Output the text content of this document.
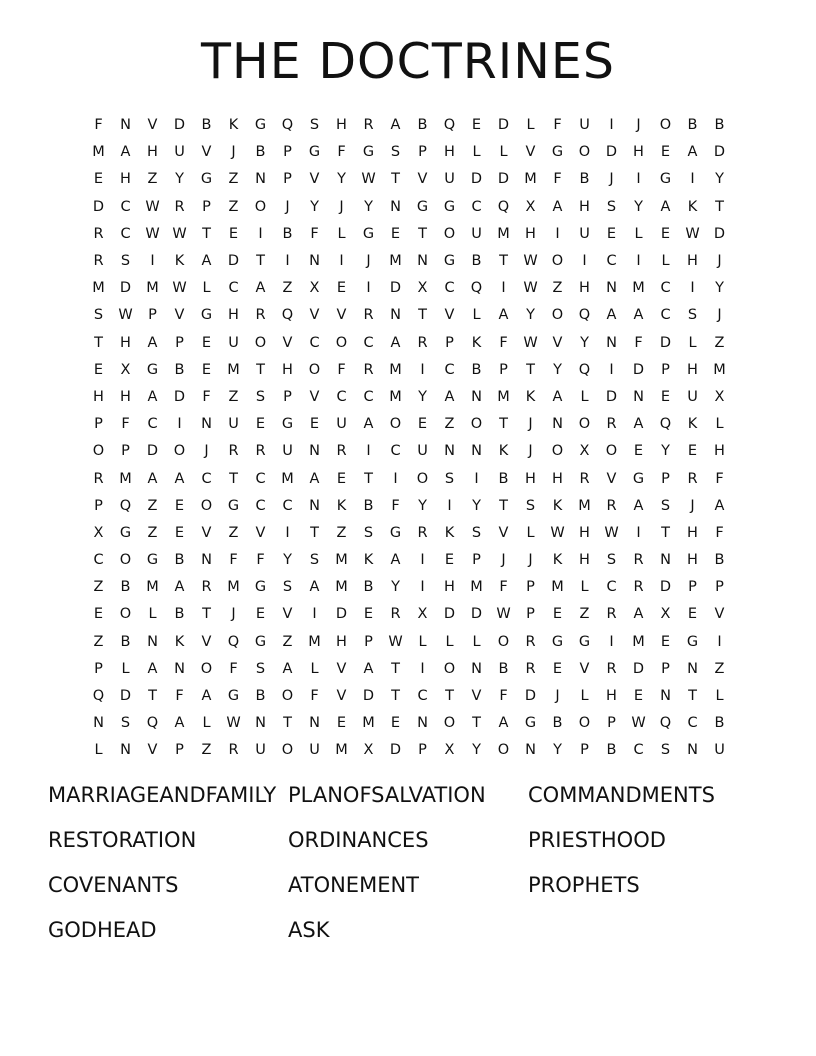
THE DOCTRINES
F	N	V	D	B	K	G	Q	S	H	R	A	B	Q	E	D	L	F	U	I	J	O	B	B
M	A	H	U	V	J	B	P	G	F	G	S	P	H	L	L	V	G	O	D	H	E	A	D
E	H	Z	Y	G	Z	N	P	V	Y	W	T	V	U	D	D	M	F	B	J	I	G	I	Y
D	C	W	R	P	Z	O	J	Y	J	Y	N	G	G	C	Q	X	A	H	S	Y	A	K	T
R	C	W W	T	E	I	B	F	L	G	E	T	O	U	M	H	I	U	E	L	E	W D
R	S	I	K	A	D	T	I	N	I	J	M	N	G	B	T	W O	I	C	I	L	H	J
M	D	M W	L	C	A	Z	X	E	I	D	X	C	Q	I	W	Z	H	N	M	C	I	Y
S	W	P	V	G	H	R	Q	V	V	R	N	T	V	L	A	Y	O	Q	A	A	C	S	J
T	H	A	P	E	U	O	V	C	O	C	A	R	P	K	F	W	V	Y	N	F	D	L	Z
E	X	G	B	E	M	T	H	O	F	R	M	I	C	B	P	T	Y	Q	I	D	P	H	M
H	H	A	D	F	Z	S	P	V	C	C	M	Y	A	N	M	K	A	L	D	N	E	U	X
P	F	C	I	N	U	E	G	E	U	A	O	E	Z	O	T	J	N	O	R	A	Q	K	L
O	P	D	O	J	R	R	U	N	R	I	C	U	N	N	K	J	O	X	O	E	Y	E	H
R	M	A	A	C	T	C	M	A	E	T	I	O	S	I	B	H	H	R	V	G	P	R	F
P	Q	Z	E	O	G	C	C	N	K	B	F	Y	I	Y	T	S	K	M	R	A	S	J	A
X	G	Z	E	V	Z	V	I	T	Z	S	G	R	K	S	V	L	W H W	I	T	H	F
C	O	G	B	N	F	F	Y	S	M	K	A	I	E	P	J	J	K	H	S	R	N	H	B
Z	B	M	A	R	M	G	S	A	M	B	Y	I	H	M	F	P	M	L	C	R	D	P	P
E	O	L	B	T	J	E	V	I	D	E	R	X	D	D W	P	E	Z	R	A	X	E	V
Z	B	N	K	V	Q	G	Z	M	H	P	W	L	L	L	O	R	G	G	I	M	E	G	I
P	L	A	N	O	F	S	A	L	V	A	T	I	O	N	B	R	E	V	R	D	P	N	Z
Q	D	T	F	A	G	B	O	F	V	D	T	C	T	V	F	D	J	L	H	E	N	T	L
N	S	Q	A	L	W N	T	N	E	M	E	N	O	T	A	G	B	O	P	W Q	C	B
L	N	V	P	Z	R	U	O	U	M	X	D	P	X	Y	O	N	Y	P	B	C	S	N	U
MARRIAGEANDFAMILY PLANOFSALVATION	COMMANDMENTS
RESTORATION	ORDINANCES	PRIESTHOOD
COVENANTS	ATONEMENT	PROPHETS
GODHEAD	ASK
